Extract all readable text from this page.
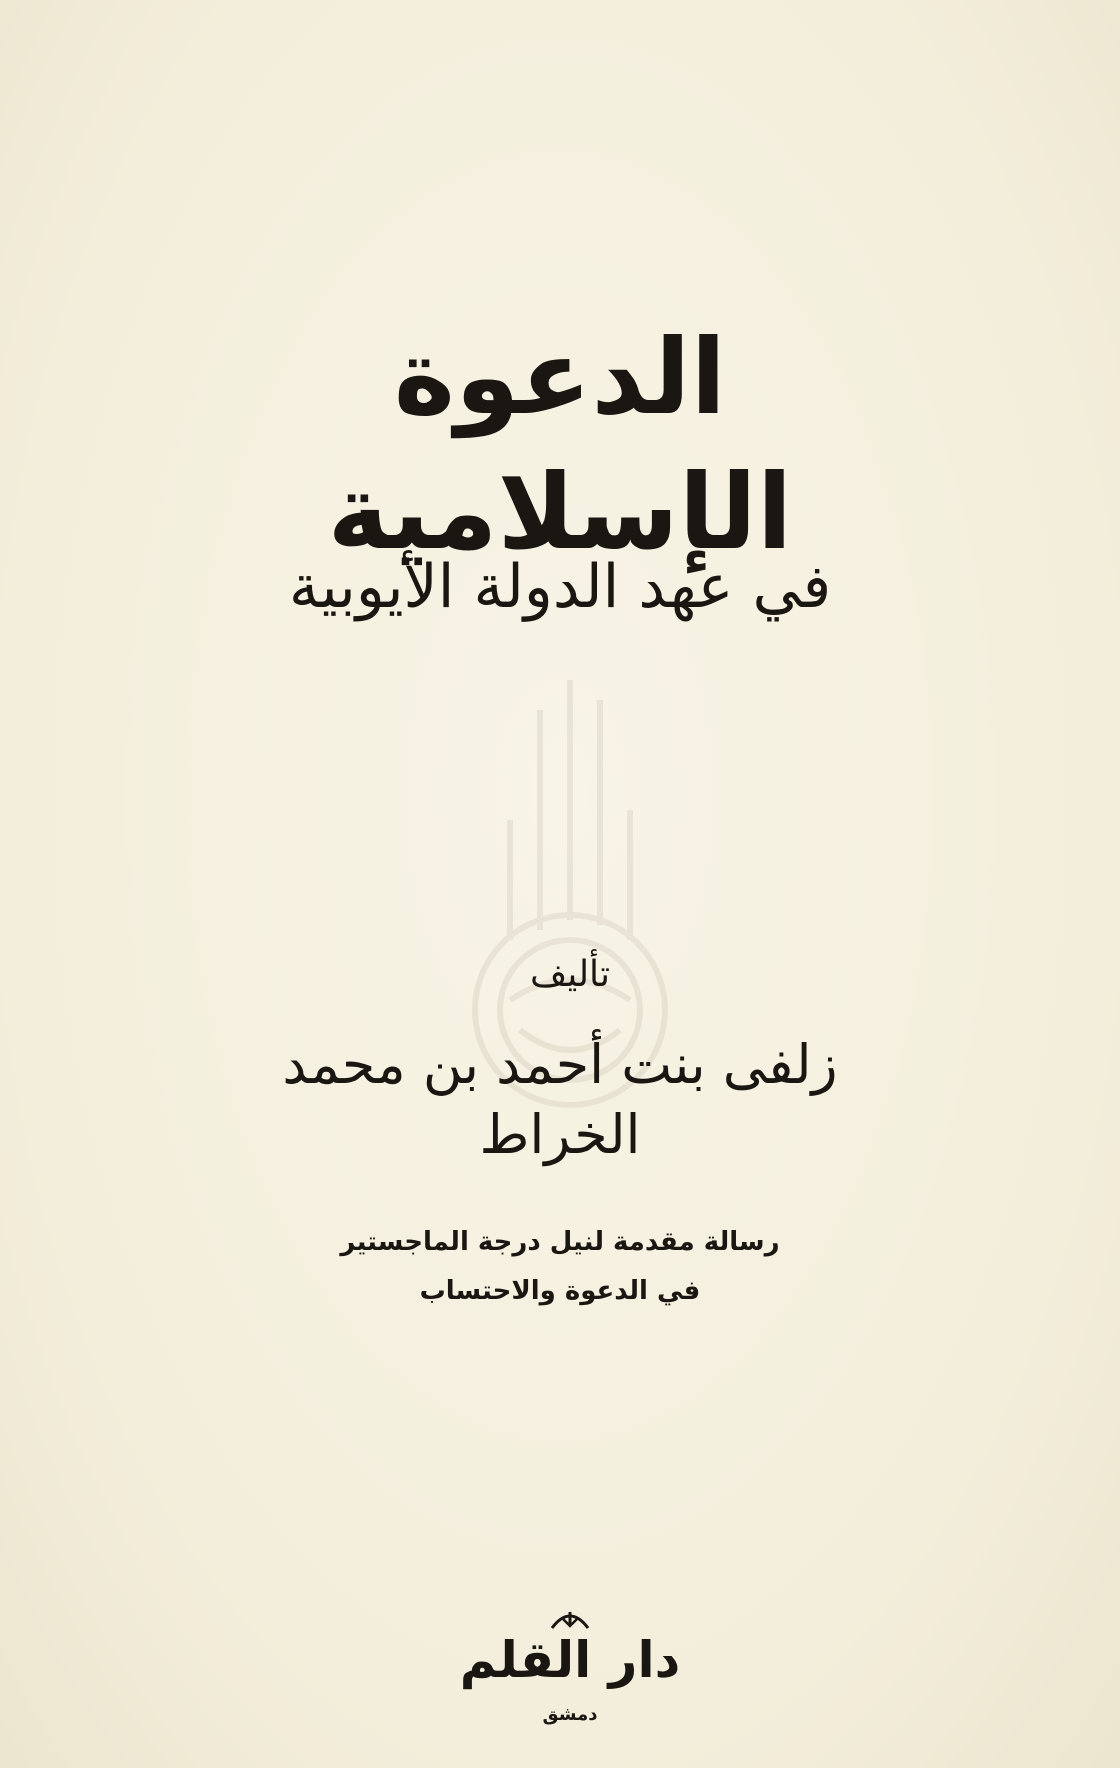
الدعوة الإسلامية
في عهد الدولة الأيوبية
تأليف
زلفى بنت أحمد بن محمد الخراط
رسالة مقدمة لنيل درجة الماجستير
في الدعوة والاحتساب
دار القلم
دمشق
